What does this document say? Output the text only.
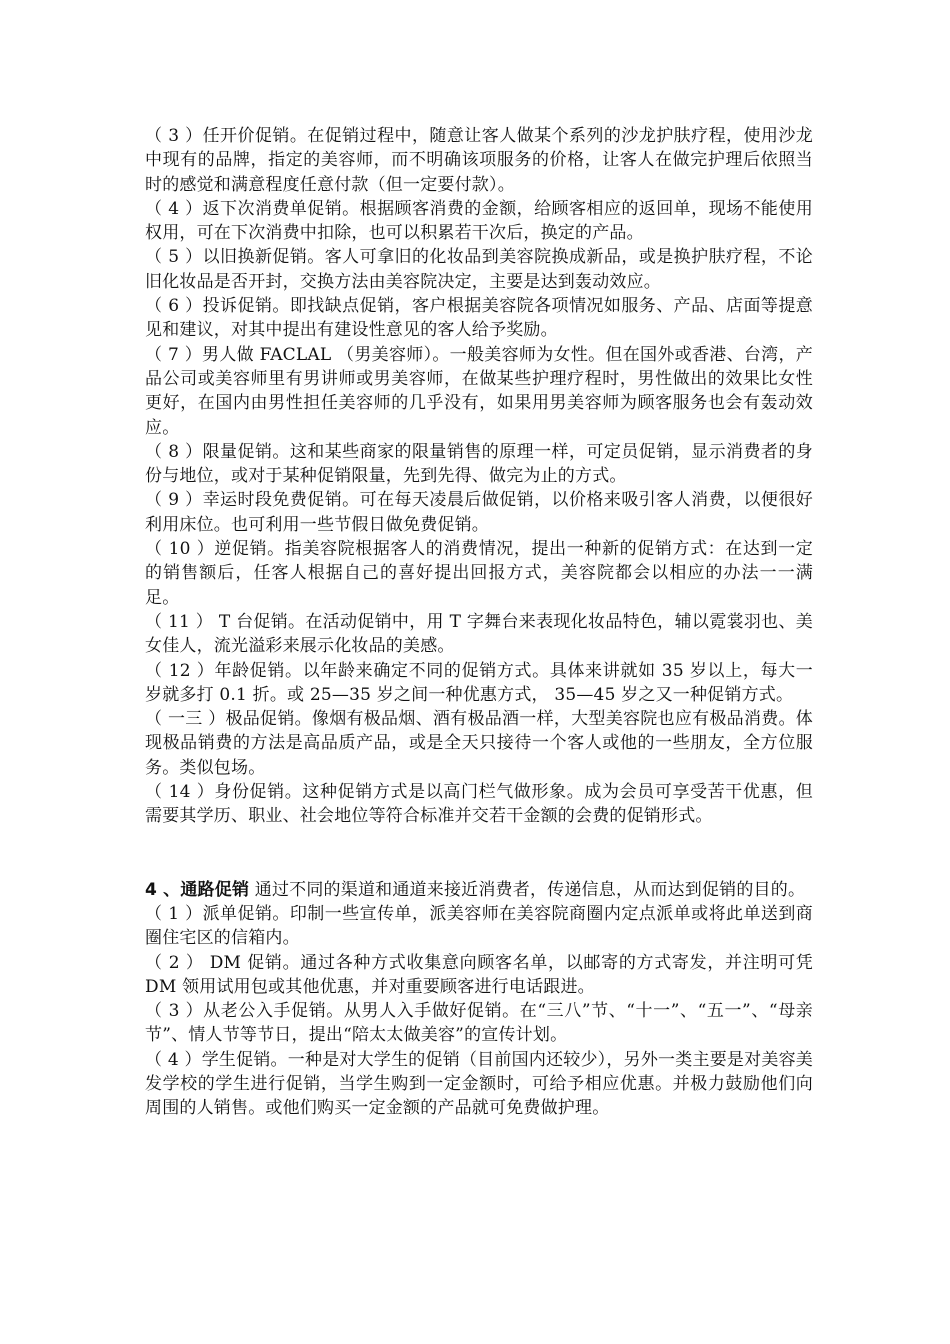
（ 3 ）任开价促销。在促销过程中，随意让客人做某个系列的沙龙护肤疗程，使用沙龙中现有的品牌，指定的美容师，而不明确该项服务的价格，让客人在做完护理后依照当时的感觉和满意程度任意付款（但一定要付款）。

（ 4 ）返下次消费单促销。根据顾客消费的金额，给顾客相应的返回单，现场不能使用权用，可在下次消费中扣除，也可以积累若干次后，换定的产品。

（ 5 ）以旧换新促销。客人可拿旧的化妆品到美容院换成新品，或是换护肤疗程，不论旧化妆品是否开封，交换方法由美容院决定，主要是达到轰动效应。

（ 6 ）投诉促销。即找缺点促销，客户根据美容院各项情况如服务、产品、店面等提意见和建议，对其中提出有建设性意见的客人给予奖励。

（ 7 ）男人做 FACLAL （男美容师）。一般美容师为女性。但在国外或香港、台湾，产品公司或美容师里有男讲师或男美容师，在做某些护理疗程时，男性做出的效果比女性更好，在国内由男性担任美容师的几乎没有，如果用男美容师为顾客服务也会有轰动效应。

（ 8 ）限量促销。这和某些商家的限量销售的原理一样，可定员促销，显示消费者的身份与地位，或对于某种促销限量，先到先得、做完为止的方式。

（ 9 ）幸运时段免费促销。可在每天凌晨后做促销，以价格来吸引客人消费，以便很好利用床位。也可利用一些节假日做免费促销。

（ 10 ）逆促销。指美容院根据客人的消费情况，提出一种新的促销方式：在达到一定的销售额后，任客人根据自己的喜好提出回报方式，美容院都会以相应的办法一一满足。

（ 11 ） T 台促销。在活动促销中，用 T 字舞台来表现化妆品特色，辅以霓裳羽也、美女佳人，流光溢彩来展示化妆品的美感。

（ 12 ）年龄促销。以年龄来确定不同的促销方式。具体来讲就如 35 岁以上，每大一岁就多打 0.1 折。或 25—35 岁之间一种优惠方式， 35—45 岁之又一种促销方式。

（ 一三 ）极品促销。像烟有极品烟、酒有极品酒一样，大型美容院也应有极品消费。体现极品销费的方法是高品质产品，或是全天只接待一个客人或他的一些朋友，全方位服务。类似包场。

（ 14 ）身份促销。这种促销方式是以高门栏气做形象。成为会员可享受苦干优惠，但需要其学历、职业、社会地位等符合标准并交若干金额的会费的促销形式。

4 、通路促销 通过不同的渠道和通道来接近消费者，传递信息，从而达到促销的目的。

（ 1 ）派单促销。印制一些宣传单，派美容师在美容院商圈内定点派单或将此单送到商圈住宅区的信箱内。

（ 2 ） DM 促销。通过各种方式收集意向顾客名单，以邮寄的方式寄发，并注明可凭 DM 领用试用包或其他优惠，并对重要顾客进行电话跟进。

（ 3 ）从老公入手促销。从男人入手做好促销。在“三八”节、“十一”、“五一”、“母亲节”、情人节等节日，提出“陪太太做美容”的宣传计划。

（ 4 ）学生促销。一种是对大学生的促销（目前国内还较少），另外一类主要是对美容美发学校的学生进行促销，当学生购到一定金额时，可给予相应优惠。并极力鼓励他们向周围的人销售。或他们购买一定金额的产品就可免费做护理。
